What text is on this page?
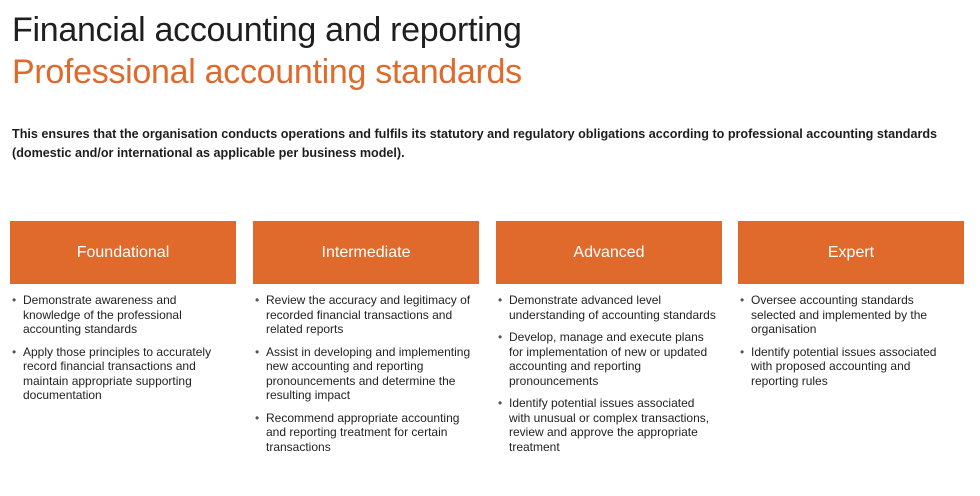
Financial accounting and reporting
Professional accounting standards
This ensures that the organisation conducts operations and fulfils its statutory and regulatory obligations according to professional accounting standards (domestic and/or international as applicable per business model).
Foundational
• Demonstrate awareness and knowledge of the professional accounting standards
• Apply those principles to accurately record financial transactions and maintain appropriate supporting documentation
Intermediate
• Review the accuracy and legitimacy of recorded financial transactions and related reports
• Assist in developing and implementing new accounting and reporting pronouncements and determine the resulting impact
• Recommend appropriate accounting and reporting treatment for certain transactions
Advanced
• Demonstrate advanced level understanding of accounting standards
• Develop, manage and execute plans for implementation of new or updated accounting and reporting pronouncements
• Identify potential issues associated with unusual or complex transactions, review and approve the appropriate treatment
Expert
• Oversee accounting standards selected and implemented by the organisation
• Identify potential issues associated with proposed accounting and reporting rules
